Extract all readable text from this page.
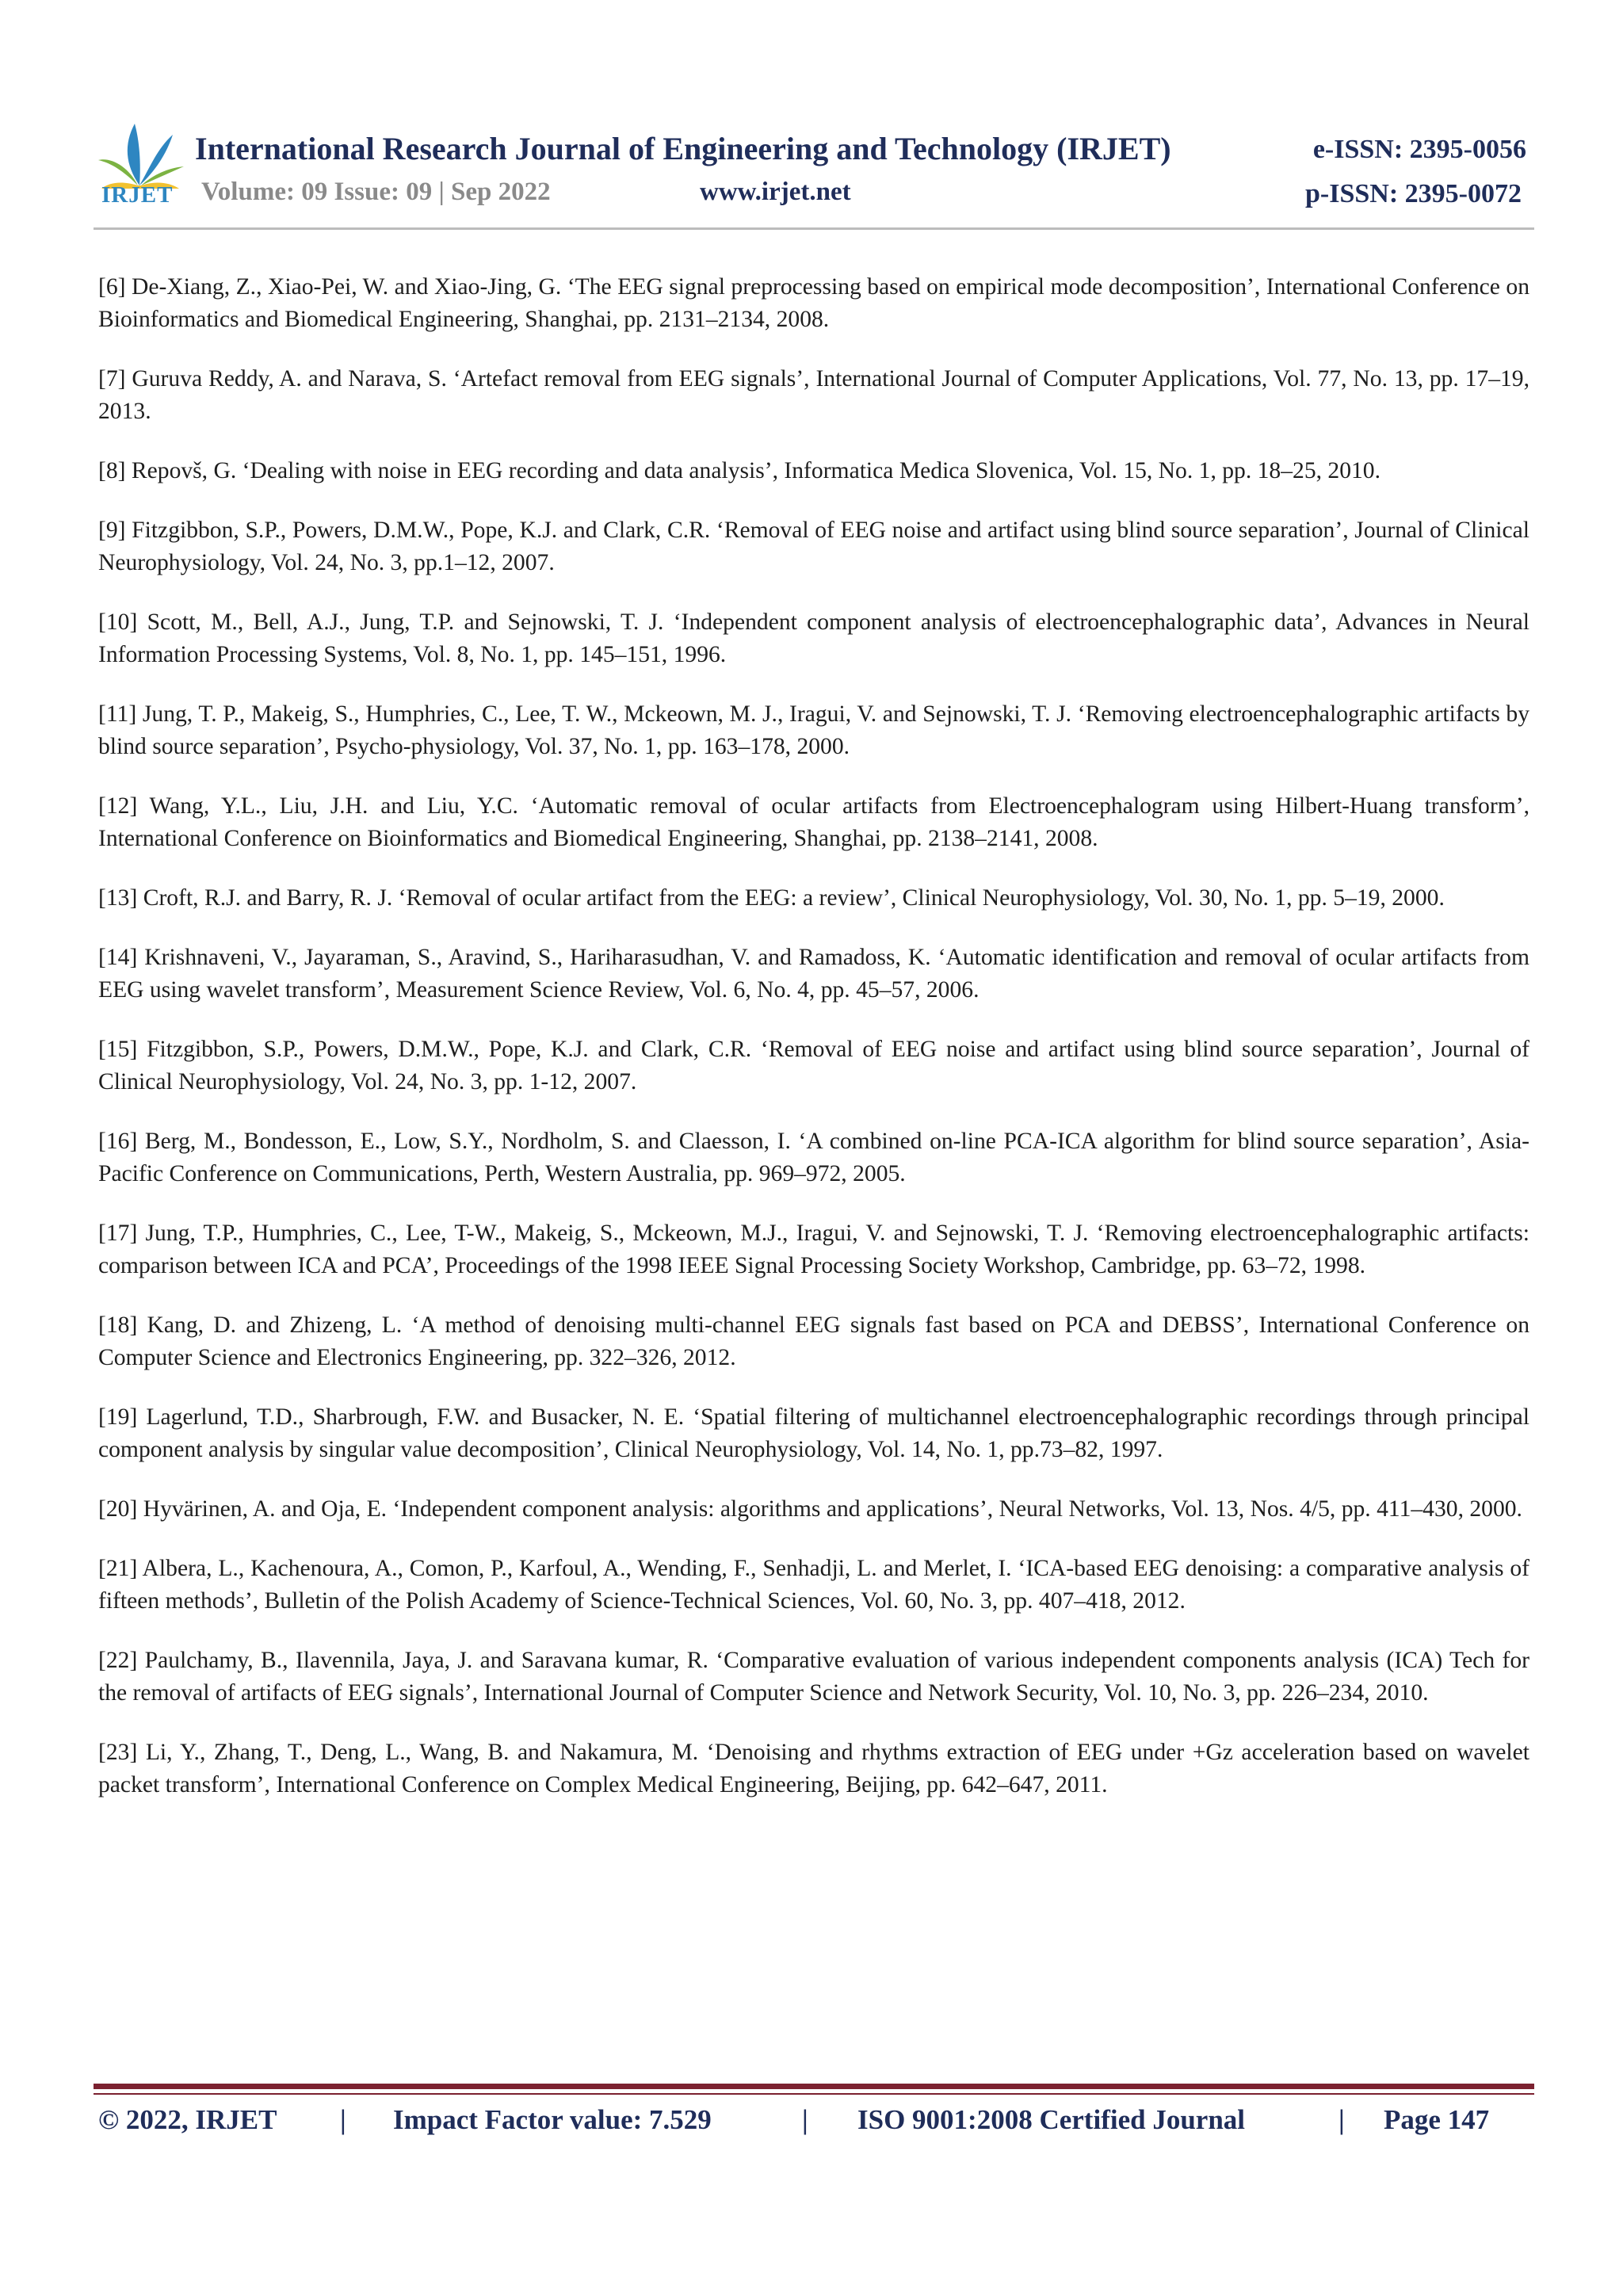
IRJET
International Research Journal of Engineering and Technology (IRJET)	e-ISSN: 2395-0056
Volume: 09 Issue: 09 | Sep 2022	www.irjet.net	p-ISSN: 2395-0072

[6] De-Xiang, Z., Xiao-Pei, W. and Xiao-Jing, G. ‘The EEG signal preprocessing based on empirical mode decomposition’, International Conference on Bioinformatics and Biomedical Engineering, Shanghai, pp. 2131–2134, 2008.

[7] Guruva Reddy, A. and Narava, S. ‘Artefact removal from EEG signals’, International Journal of Computer Applications, Vol. 77, No. 13, pp. 17–19, 2013.

[8] Repovš, G. ‘Dealing with noise in EEG recording and data analysis’, Informatica Medica Slovenica, Vol. 15, No. 1, pp. 18–25, 2010.

[9] Fitzgibbon, S.P., Powers, D.M.W., Pope, K.J. and Clark, C.R. ‘Removal of EEG noise and artifact using blind source separation’, Journal of Clinical Neurophysiology, Vol. 24, No. 3, pp.1–12, 2007.

[10] Scott, M., Bell, A.J., Jung, T.P. and Sejnowski, T. J. ‘Independent component analysis of electroencephalographic data’, Advances in Neural Information Processing Systems, Vol. 8, No. 1, pp. 145–151, 1996.

[11] Jung, T. P., Makeig, S., Humphries, C., Lee, T. W., Mckeown, M. J., Iragui, V. and Sejnowski, T. J. ‘Removing electroencephalographic artifacts by blind source separation’, Psycho-physiology, Vol. 37, No. 1, pp. 163–178, 2000.

[12] Wang, Y.L., Liu, J.H. and Liu, Y.C. ‘Automatic removal of ocular artifacts from Electroencephalogram using Hilbert-Huang transform’, International Conference on Bioinformatics and Biomedical Engineering, Shanghai, pp. 2138–2141, 2008.

[13] Croft, R.J. and Barry, R. J. ‘Removal of ocular artifact from the EEG: a review’, Clinical Neurophysiology, Vol. 30, No. 1, pp. 5–19, 2000.

[14] Krishnaveni, V., Jayaraman, S., Aravind, S., Hariharasudhan, V. and Ramadoss, K. ‘Automatic identification and removal of ocular artifacts from EEG using wavelet transform’, Measurement Science Review, Vol. 6, No. 4, pp. 45–57, 2006.

[15] Fitzgibbon, S.P., Powers, D.M.W., Pope, K.J. and Clark, C.R. ‘Removal of EEG noise and artifact using blind source separation’, Journal of Clinical Neurophysiology, Vol. 24, No. 3, pp. 1-12, 2007.

[16] Berg, M., Bondesson, E., Low, S.Y., Nordholm, S. and Claesson, I. ‘A combined on-line PCA-ICA algorithm for blind source separation’, Asia-Pacific Conference on Communications, Perth, Western Australia, pp. 969–972, 2005.

[17] Jung, T.P., Humphries, C., Lee, T-W., Makeig, S., Mckeown, M.J., Iragui, V. and Sejnowski, T. J. ‘Removing electroencephalographic artifacts: comparison between ICA and PCA’, Proceedings of the 1998 IEEE Signal Processing Society Workshop, Cambridge, pp. 63–72, 1998.

[18] Kang, D. and Zhizeng, L. ‘A method of denoising multi-channel EEG signals fast based on PCA and DEBSS’, International Conference on Computer Science and Electronics Engineering, pp. 322–326, 2012.

[19] Lagerlund, T.D., Sharbrough, F.W. and Busacker, N. E. ‘Spatial filtering of multichannel electroencephalographic recordings through principal component analysis by singular value decomposition’, Clinical Neurophysiology, Vol. 14, No. 1, pp.73–82, 1997.

[20] Hyvärinen, A. and Oja, E. ‘Independent component analysis: algorithms and applications’, Neural Networks, Vol. 13, Nos. 4/5, pp. 411–430, 2000.

[21] Albera, L., Kachenoura, A., Comon, P., Karfoul, A., Wending, F., Senhadji, L. and Merlet, I. ‘ICA-based EEG denoising: a comparative analysis of fifteen methods’, Bulletin of the Polish Academy of Science-Technical Sciences, Vol. 60, No. 3, pp. 407–418, 2012.

[22] Paulchamy, B., Ilavennila, Jaya, J. and Saravana kumar, R. ‘Comparative evaluation of various independent components analysis (ICA) Tech for the removal of artifacts of EEG signals’, International Journal of Computer Science and Network Security, Vol. 10, No. 3, pp. 226–234, 2010.

[23] Li, Y., Zhang, T., Deng, L., Wang, B. and Nakamura, M. ‘Denoising and rhythms extraction of EEG under +Gz acceleration based on wavelet packet transform’, International Conference on Complex Medical Engineering, Beijing, pp. 642–647, 2011.

© 2022, IRJET | Impact Factor value: 7.529	| ISO 9001:2008 Certified Journal	| Page 147
